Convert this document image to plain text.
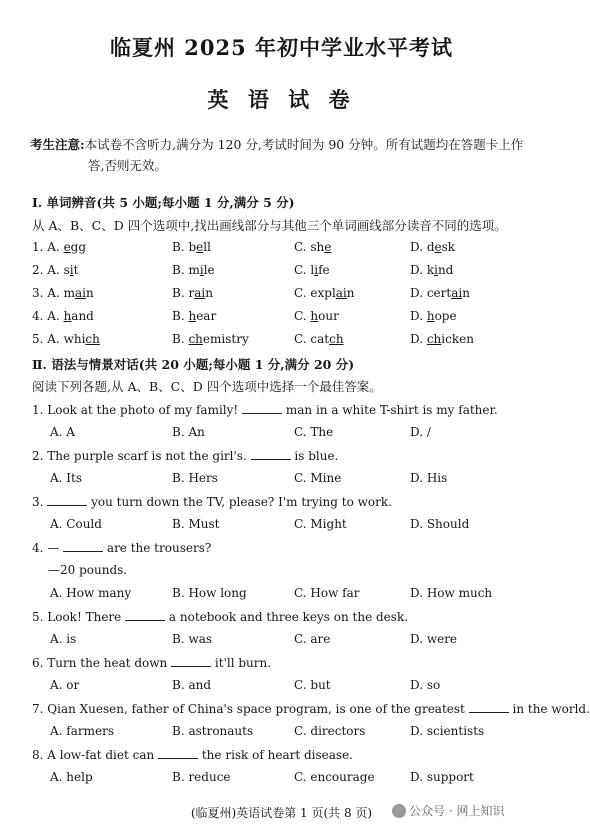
临夏州 2025 年初中学业水平考试
英 语 试 卷
考生注意:本试卷不含听力,满分为 120 分,考试时间为 90 分钟。所有试题均在答题卡上作
答,否则无效。
Ⅰ. 单词辨音(共 5 小题;每小题 1 分,满分 5 分)
从 A、B、C、D 四个选项中,找出画线部分与其他三个单词画线部分读音不同的选项。
1. A. egg	B. bell	C. she	D. desk
2. A. sit	B. mile	C. life	D. kind
3. A. main	B. rain	C. explain	D. certain
4. A. hand	B. hear	C. hour	D. hope
5. A. which	B. chemistry	C. catch	D. chicken
Ⅱ. 语法与情景对话(共 20 小题;每小题 1 分,满分 20 分)
阅读下列各题,从 A、B、C、D 四个选项中选择一个最佳答案。
1. Look at the photo of my family!	man in a white T-shirt is my father.
A. A	B. An	C. The	D. /
2. The purple scarf is not the girl's.	is blue.
A. Its	B. Hers	C. Mine	D. His
3.	you turn down the TV, please? I'm trying to work.
A. Could	B. Must	C. Might	D. Should
4. —	are the trousers?
—20 pounds.
A. How many	B. How long	C. How far	D. How much
5. Look! There	a notebook and three keys on the desk.
A. is	B. was	C. are	D. were
6. Turn the heat down	it'll burn.
A. or	B. and	C. but	D. so
7. Qian Xuesen, father of China's space program, is one of the greatest	in the world.
A. farmers	B. astronauts	C. directors	D. scientists
8. A low-fat diet can	the risk of heart disease.
A. help	B. reduce	C. encourage	D. support
(临夏州)英语试卷第 1 页(共 8 页)	公众号 · 网上知识
